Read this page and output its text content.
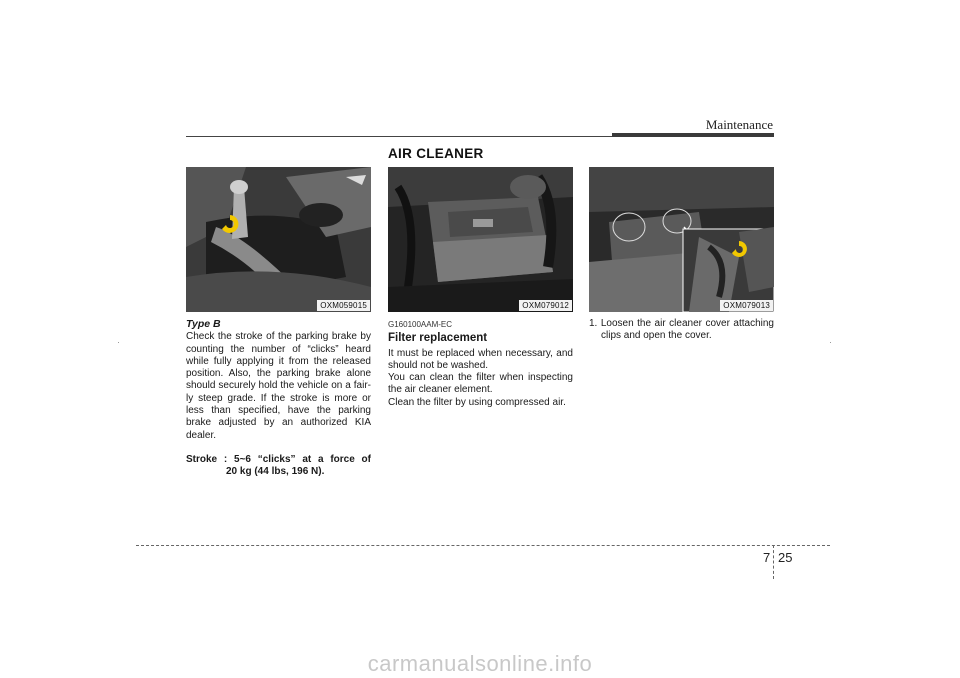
Maintenance
AIR CLEANER
OXM059015	OXM079012	OXM079013
Type B

Check the stroke of the parking brake by counting the number of “clicks” heard while fully applying it from the released position. Also, the parking brake alone should securely hold the vehicle on a fair-ly steep grade. If the stroke is more or less than specified, have the parking brake adjusted by an authorized KIA dealer.

Stroke : 5~6 “clicks” at a force of
20 kg (44 lbs, 196 N).
G160100AAM-EC
Filter replacement

It must be replaced when necessary, and should not be washed.

You can clean the filter when inspecting the air cleaner element.

Clean the filter by using compressed air.

1. Loosen the air cleaner cover attaching clips and open the cover.

7 25
carmanualsonline.info
